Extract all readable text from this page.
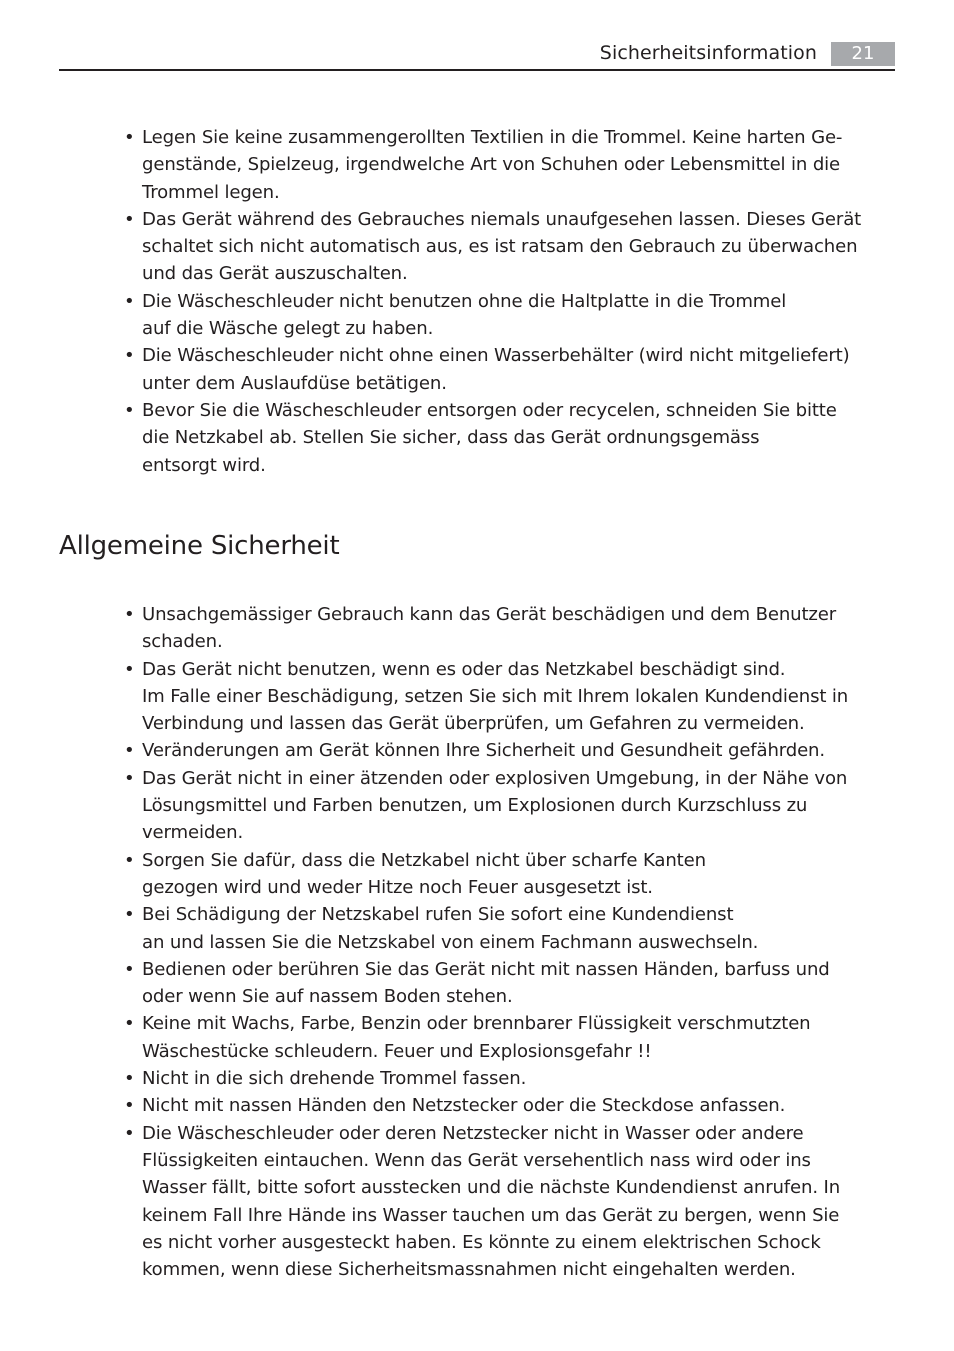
Sicherheitsinformation	21
• Legen Sie keine zusammengerollten Textilien in die Trommel. Keine harten Ge-
genstände, Spielzeug, irgendwelche Art von Schuhen oder Lebensmittel in die
Trommel legen.
• Das Gerät während des Gebrauches niemals unaufgesehen lassen. Dieses Gerät
schaltet sich nicht automatisch aus, es ist ratsam den Gebrauch zu überwachen
und das Gerät auszuschalten.
• Die Wäscheschleuder nicht benutzen ohne die Haltplatte in die Trommel
auf die Wäsche gelegt zu haben.
• Die Wäscheschleuder nicht ohne einen Wasserbehälter (wird nicht mitgeliefert)
unter dem Auslaufdüse betätigen.
• Bevor Sie die Wäscheschleuder entsorgen oder recycelen, schneiden Sie bitte
die Netzkabel ab. Stellen Sie sicher, dass das Gerät ordnungsgemäss
entsorgt wird.
Allgemeine Sicherheit
• Unsachgemässiger Gebrauch kann das Gerät beschädigen und dem Benutzer
schaden.
• Das Gerät nicht benutzen, wenn es oder das Netzkabel beschädigt sind.
Im Falle einer Beschädigung, setzen Sie sich mit Ihrem lokalen Kundendienst in
Verbindung und lassen das Gerät überprüfen, um Gefahren zu vermeiden.
• Veränderungen am Gerät können Ihre Sicherheit und Gesundheit gefährden.
• Das Gerät nicht in einer ätzenden oder explosiven Umgebung, in der Nähe von
Lösungsmittel und Farben benutzen, um Explosionen durch Kurzschluss zu
vermeiden.
• Sorgen Sie dafür, dass die Netzkabel nicht über scharfe Kanten
gezogen wird und weder Hitze noch Feuer ausgesetzt ist.
• Bei Schädigung der Netzskabel rufen Sie sofort eine Kundendienst
an und lassen Sie die Netzskabel von einem Fachmann auswechseln.
• Bedienen oder berühren Sie das Gerät nicht mit nassen Händen, barfuss und
oder wenn Sie auf nassem Boden stehen.
• Keine mit Wachs, Farbe, Benzin oder brennbarer Flüssigkeit verschmutzten
Wäschestücke schleudern. Feuer und Explosionsgefahr !!
• Nicht in die sich drehende Trommel fassen.
• Nicht mit nassen Händen den Netzstecker oder die Steckdose anfassen.
• Die Wäscheschleuder oder deren Netzstecker nicht in Wasser oder andere
Flüssigkeiten eintauchen. Wenn das Gerät versehentlich nass wird oder ins
Wasser fällt, bitte sofort ausstecken und die nächste Kundendienst anrufen. In
keinem Fall Ihre Hände ins Wasser tauchen um das Gerät zu bergen, wenn Sie
es nicht vorher ausgesteckt haben. Es könnte zu einem elektrischen Schock
kommen, wenn diese Sicherheitsmassnahmen nicht eingehalten werden.
